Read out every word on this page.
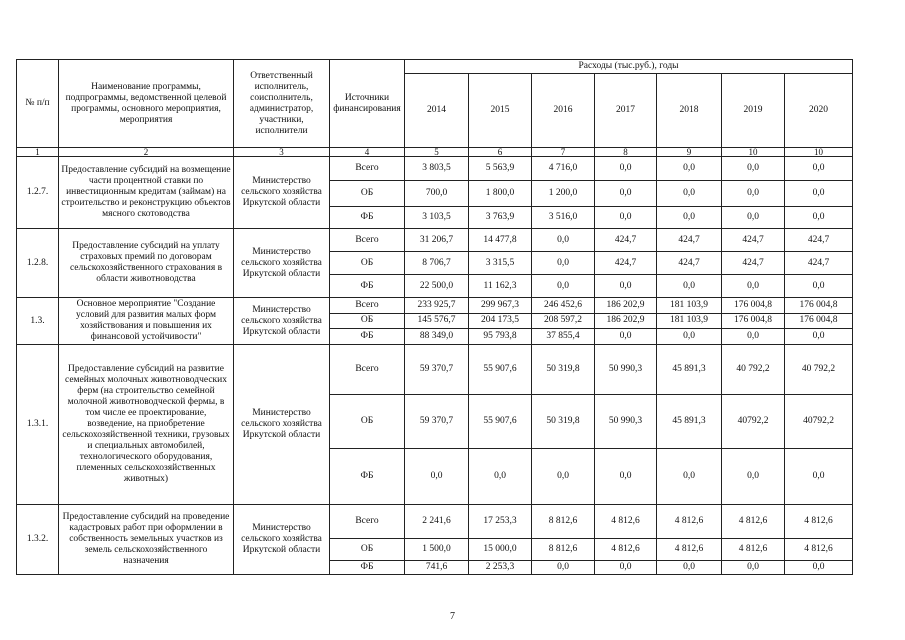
№ п/п	Наименование программы, подпрограммы, ведомственной целевой программы, основного мероприятия, мероприятия	Ответственный исполнитель, соисполнитель, администратор, участники, исполнители	Источники финансирования	Расходы (тыс.руб.), годы						
				2014	2015	2016	2017	2018	2019	2020
1	2	3	4	5	6	7	8	9	10	10
1.2.7.	Предоставление субсидий на возмещение части процентной ставки по инвестиционным кредитам (займам) на строительство и реконструкцию объектов мясного скотоводства	Министерство сельского хозяйства Иркутской области	Всего	3 803,5	5 563,9	4 716,0	0,0	0,0	0,0	0,0
			ОБ	700,0	1 800,0	1 200,0	0,0	0,0	0,0	0,0
			ФБ	3 103,5	3 763,9	3 516,0	0,0	0,0	0,0	0,0
1.2.8.	Предоставление субсидий на уплату страховых премий по договорам сельскохозяйственного страхования в области животноводства	Министерство сельского хозяйства Иркутской области	Всего	31 206,7	14 477,8	0,0	424,7	424,7	424,7	424,7
			ОБ	8 706,7	3 315,5	0,0	424,7	424,7	424,7	424,7
			ФБ	22 500,0	11 162,3	0,0	0,0	0,0	0,0	0,0
1.3.	Основное мероприятие "Создание условий для развития малых форм хозяйствования и повышения их финансовой устойчивости"	Министерство сельского хозяйства Иркутской области	Всего	233 925,7	299 967,3	246 452,6	186 202,9	181 103,9	176 004,8	176 004,8
			ОБ	145 576,7	204 173,5	208 597,2	186 202,9	181 103,9	176 004,8	176 004,8
			ФБ	88 349,0	95 793,8	37 855,4	0,0	0,0	0,0	0,0
1.3.1.	Предоставление субсидий на развитие семейных молочных животноводческих ферм (на строительство семейной молочной животноводческой фермы, в том числе ее проектирование, возведение, на приобретение сельскохозяйственной техники, грузовых и специальных автомобилей, технологического оборудования, племенных сельскохозяйственных животных)	Министерство сельского хозяйства Иркутской области	Всего	59 370,7	55 907,6	50 319,8	50 990,3	45 891,3	40 792,2	40 792,2
			ОБ	59 370,7	55 907,6	50 319,8	50 990,3	45 891,3	40792,2	40792,2
			ФБ	0,0	0,0	0,0	0,0	0,0	0,0	0,0
1.3.2.	Предоставление субсидий на проведение кадастровых работ при оформлении в собственность земельных участков из земель сельскохозяйственного назначения	Министерство сельского хозяйства Иркутской области	Всего	2 241,6	17 253,3	8 812,6	4 812,6	4 812,6	4 812,6	4 812,6
			ОБ	1 500,0	15 000,0	8 812,6	4 812,6	4 812,6	4 812,6	4 812,6
			ФБ	741,6	2 253,3	0,0	0,0	0,0	0,0	0,0
7
